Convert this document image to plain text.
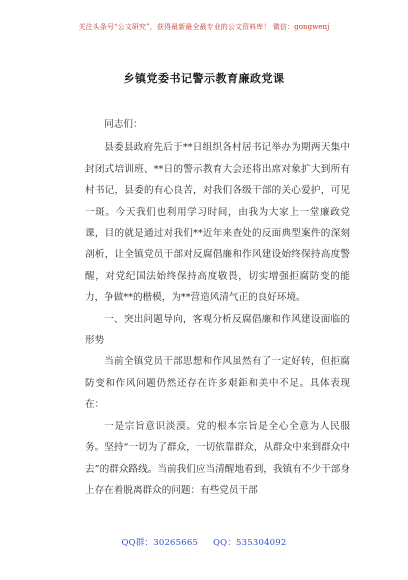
关注头条号“公文研究”，获得最新最全最专业的公文资料库！ 微信：gongwenj
乡镇党委书记警示教育廉政党课

同志们：

县委县政府先后于**日组织各村居书记举办为期两天集中封闭式培训班、**日的警示教育大会还将出席对象扩大到所有村书记，县委的有心良苦，对我们各级干部的关心爱护，可见一斑。今天我们也利用学习时间，由我为大家上一堂廉政党课，目的就是通过对我们**近年来查处的反面典型案件的深刻剖析，让全镇党员干部对反腐倡廉和作风建设始终保持高度警醒，对党纪国法始终保持高度敬畏，切实增强拒腐防变的能力，争做**的楷模，为**营造风清气正的良好环境。

一、突出问题导向，客观分析反腐倡廉和作风建设面临的形势

当前全镇党员干部思想和作风虽然有了一定好转，但拒腐防变和作风问题仍然还存在许多艰鉅和美中不足。具体表现在：

一是宗旨意识淡漠。党的根本宗旨是全心全意为人民服务。坚持“一切为了群众，一切依靠群众，从群众中来到群众中去”的群众路线。当前我们应当清醒地看到，我镇有不少干部身上存在着脱离群众的问题：有些党员干部

QQ群：30265665 QQ：535304092
